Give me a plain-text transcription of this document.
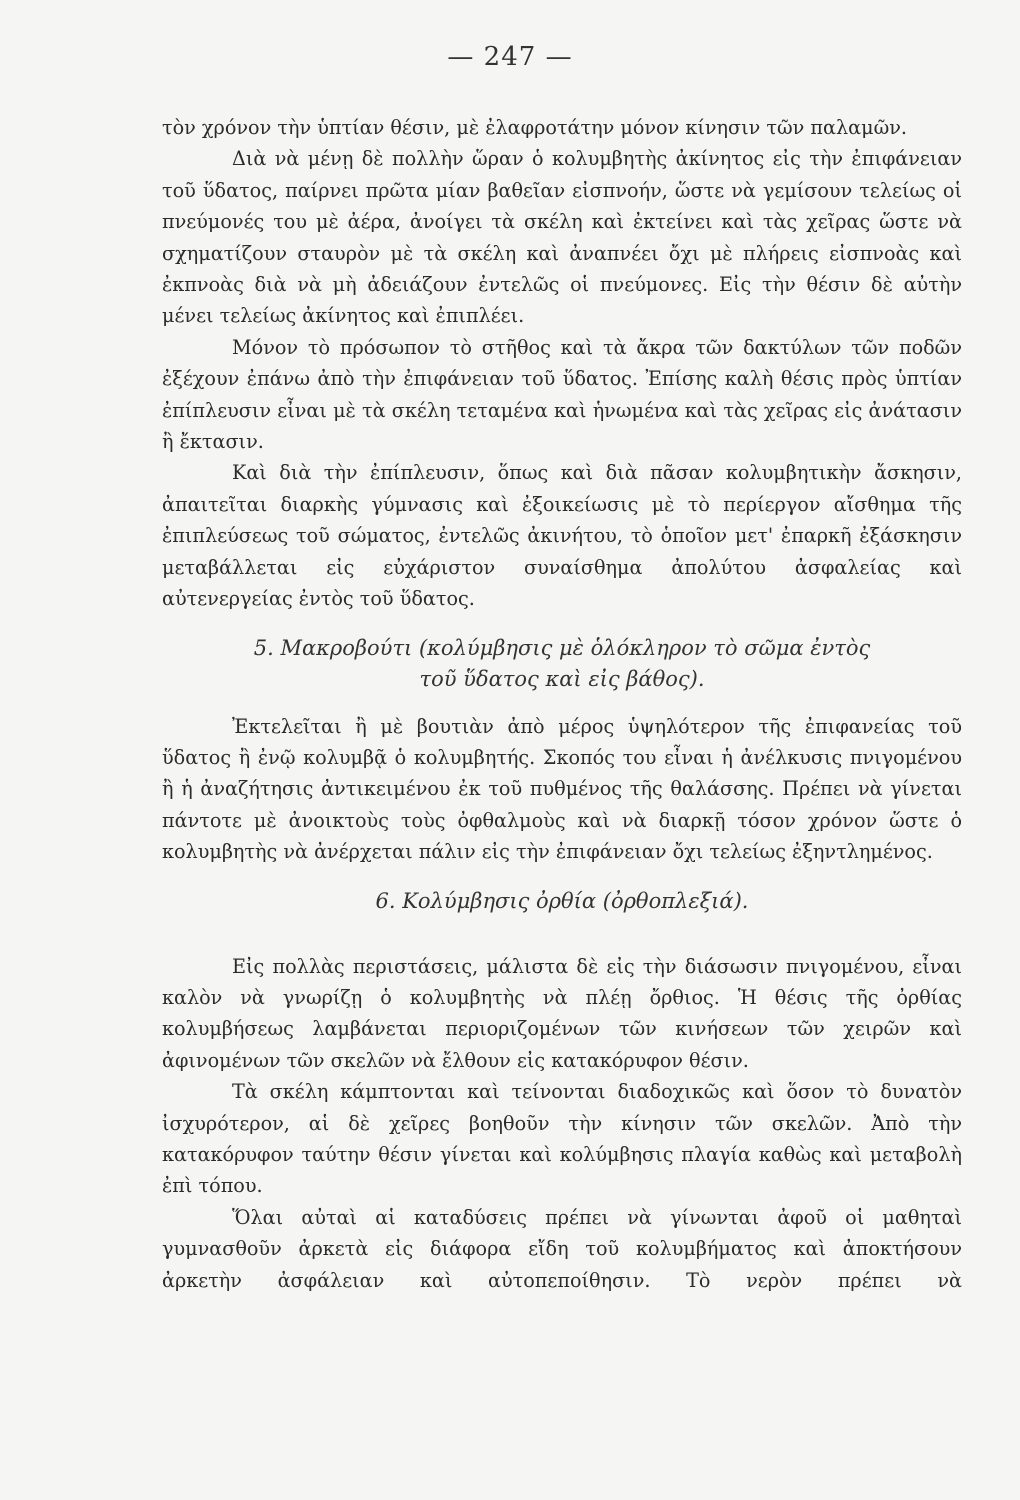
— 247 —

τὸν χρόνον τὴν ὑπτίαν θέσιν, μὲ ἐλαφροτάτην μόνον κίνησιν τῶν παλαμῶν.

Διὰ νὰ μένῃ δὲ πολλὴν ὥραν ὁ κολυμβητὴς ἀκίνητος εἰς τὴν ἐπιφάνειαν τοῦ ὕδατος, παίρνει πρῶτα μίαν βαθεῖαν εἰσπνοήν, ὥστε νὰ γεμίσουν τελείως οἱ πνεύμονές του μὲ ἀέρα, ἀνοίγει τὰ σκέλη καὶ ἐκτείνει καὶ τὰς χεῖρας ὥστε νὰ σχηματίζουν σταυρὸν μὲ τὰ σκέλη καὶ ἀναπνέει ὄχι μὲ πλήρεις εἰσπνοὰς καὶ ἐκπνοὰς διὰ νὰ μὴ ἀδειάζουν ἐντελῶς οἱ πνεύμονες. Εἰς τὴν θέσιν δὲ αὐτὴν μένει τελείως ἀκίνητος καὶ ἐπιπλέει.

Μόνον τὸ πρόσωπον τὸ στῆθος καὶ τὰ ἄκρα τῶν δακτύλων τῶν ποδῶν ἐξέχουν ἐπάνω ἀπὸ τὴν ἐπιφάνειαν τοῦ ὕδατος. Ἐπίσης καλὴ θέσις πρὸς ὑπτίαν ἐπίπλευσιν εἶναι μὲ τὰ σκέλη τεταμένα καὶ ἡνωμένα καὶ τὰς χεῖρας εἰς ἀνάτασιν ἢ ἔκτασιν.

Καὶ διὰ τὴν ἐπίπλευσιν, ὅπως καὶ διὰ πᾶσαν κολυμβητικὴν ἄσκησιν, ἀπαιτεῖται διαρκὴς γύμνασις καὶ ἐξοικείωσις μὲ τὸ περίεργον αἴσθημα τῆς ἐπιπλεύσεως τοῦ σώματος, ἐντελῶς ἀκινήτου, τὸ ὁποῖον μετ' ἐπαρκῆ ἐξάσκησιν μεταβάλλεται εἰς εὐχάριστον συναίσθημα ἀπολύτου ἀσφαλείας καὶ αὐτενεργείας ἐντὸς τοῦ ὕδατος.

5. Μακροβούτι (κολύμβησις μὲ ὁλόκληρον τὸ σῶμα ἐντὸς
τοῦ ὕδατος καὶ εἰς βάθος).

Ἐκτελεῖται ἢ μὲ βουτιὰν ἀπὸ μέρος ὑψηλότερον τῆς ἐπιφανείας τοῦ ὕδατος ἢ ἐνῷ κολυμβᾷ ὁ κολυμβητής. Σκοπός του εἶναι ἡ ἀνέλκυσις πνιγομένου ἢ ἡ ἀναζήτησις ἀντικειμένου ἐκ τοῦ πυθμένος τῆς θαλάσσης. Πρέπει νὰ γίνεται πάντοτε μὲ ἀνοικτοὺς τοὺς ὀφθαλμοὺς καὶ νὰ διαρκῇ τόσον χρόνον ὥστε ὁ κολυμβητὴς νὰ ἀνέρχεται πάλιν εἰς τὴν ἐπιφάνειαν ὄχι τελείως ἐξηντλημένος.

6. Κολύμβησις ὀρθία (ὀρθοπλεξιά).

Εἰς πολλὰς περιστάσεις, μάλιστα δὲ εἰς τὴν διάσωσιν πνιγομένου, εἶναι καλὸν νὰ γνωρίζῃ ὁ κολυμβητὴς νὰ πλέῃ ὄρθιος. Ἡ θέσις τῆς ὀρθίας κολυμβήσεως λαμβάνεται περιοριζομένων τῶν κινήσεων τῶν χειρῶν καὶ ἀφινομένων τῶν σκελῶν νὰ ἔλθουν εἰς κατακόρυφον θέσιν.

Τὰ σκέλη κάμπτονται καὶ τείνονται διαδοχικῶς καὶ ὅσον τὸ δυνατὸν ἰσχυρότερον, αἱ δὲ χεῖρες βοηθοῦν τὴν κίνησιν τῶν σκελῶν. Ἀπὸ τὴν κατακόρυφον ταύτην θέσιν γίνεται καὶ κολύμβησις πλαγία καθὼς καὶ μεταβολὴ ἐπὶ τόπου.

Ὅλαι αὐταὶ αἱ καταδύσεις πρέπει νὰ γίνωνται ἀφοῦ οἱ μαθηταὶ γυμνασθοῦν ἀρκετὰ εἰς διάφορα εἴδη τοῦ κολυμβήματος καὶ ἀποκτήσουν ἀρκετὴν ἀσφάλειαν καὶ αὐτοπεποίθησιν. Τὸ νερὸν πρέπει νὰ
